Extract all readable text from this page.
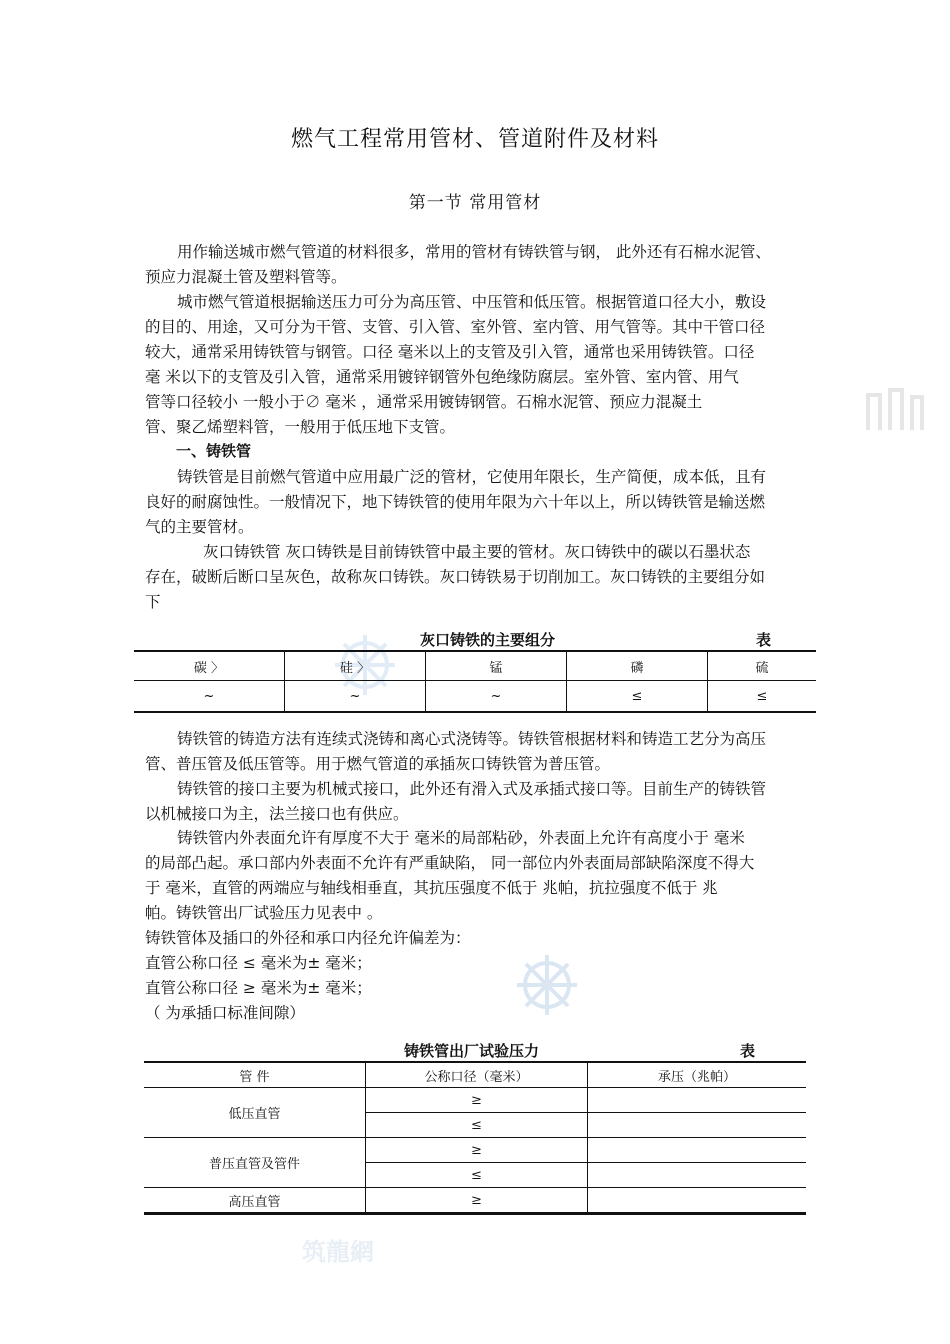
筑龍網
燃气工程常用管材、管道附件及材料
第一节 常用管材
用作输送城市燃气管道的材料很多，常用的管材有铸铁管与钢， 此外还有石棉水泥管、
预应力混凝土管及塑料管等。
城市燃气管道根据输送压力可分为高压管、中压管和低压管。根据管道口径大小，敷设
的目的、用途，又可分为干管、支管、引入管、室外管、室内管、用气管等。其中干管口径
较大，通常采用铸铁管与钢管。口径 毫米以上的支管及引入管，通常也采用铸铁管。口径
毫 米以下的支管及引入管，通常采用镀锌钢管外包绝缘防腐层。室外管、室内管、用气
管等口径较小 一般小于∅ 毫米 ，通常采用镀铸钢管。石棉水泥管、预应力混凝土
管、聚乙烯塑料管，一般用于低压地下支管。
一、铸铁管
铸铁管是目前燃气管道中应用最广泛的管材，它使用年限长，生产简便，成本低，且有
良好的耐腐蚀性。一般情况下，地下铸铁管的使用年限为六十年以上，所以铸铁管是输送燃
气的主要管材。
灰口铸铁管 灰口铸铁是目前铸铁管中最主要的管材。灰口铸铁中的碳以石墨状态
存在，破断后断口呈灰色，故称灰口铸铁。灰口铸铁易于切削加工。灰口铸铁的主要组分如
下
灰口铸铁的主要组分	表
碳 〉	硅 〉	锰	磷	硫
~	~	~	≤	≤
铸铁管的铸造方法有连续式浇铸和离心式浇铸等。铸铁管根据材料和铸造工艺分为高压
管、普压管及低压管等。用于燃气管道的承插灰口铸铁管为普压管。
铸铁管的接口主要为机械式接口，此外还有滑入式及承插式接口等。目前生产的铸铁管
以机械接口为主，法兰接口也有供应。
铸铁管内外表面允许有厚度不大于 毫米的局部粘砂，外表面上允许有高度小于 毫米
的局部凸起。承口部内外表面不允许有严重缺陷， 同一部位内外表面局部缺陷深度不得大
于 毫米，直管的两端应与轴线相垂直，其抗压强度不低于 兆帕，抗拉强度不低于 兆
帕。铸铁管出厂试验压力见表中 。
铸铁管体及插口的外径和承口内径允许偏差为：
直管公称口径 ≤ 毫米为± 毫米；
直管公称口径 ≥ 毫米为± 毫米；
（ 为承插口标准间隙）
铸铁管出厂试验压力	表
管 件	公称口径（毫米）	承压（兆帕）
低压直管	≥	
	≤	
普压直管及管件	≥	
	≤	
高压直管	≥	
